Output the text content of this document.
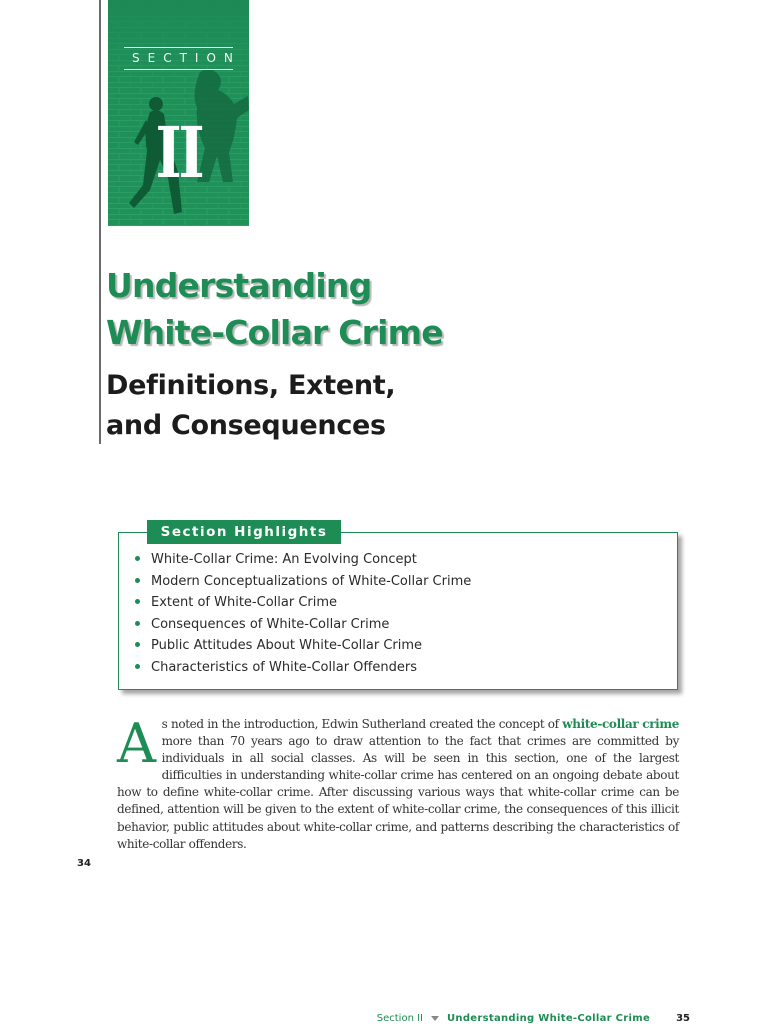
SECTION
II
Understanding
White-Collar Crime
Definitions, Extent,
and Consequences
Section Highlights
White-Collar Crime: An Evolving Concept
Modern Conceptualizations of White-Collar Crime
Extent of White-Collar Crime
Consequences of White-Collar Crime
Public Attitudes About White-Collar Crime
Characteristics of White-Collar Offenders
As noted in the introduction, Edwin Sutherland created the concept of white-collar crime more than 70 years ago to draw attention to the fact that crimes are committed by individuals in all social classes. As will be seen in this section, one of the largest difficulties in understanding white-collar crime has centered on an ongoing debate about how to define white-collar crime. After discussing various ways that white-collar crime can be defined, attention will be given to the extent of white-collar crime, the consequences of this illicit behavior, public attitudes about white-collar crime, and patterns describing the characteristics of white-collar offenders.
34
Section II Understanding White-Collar Crime	35
